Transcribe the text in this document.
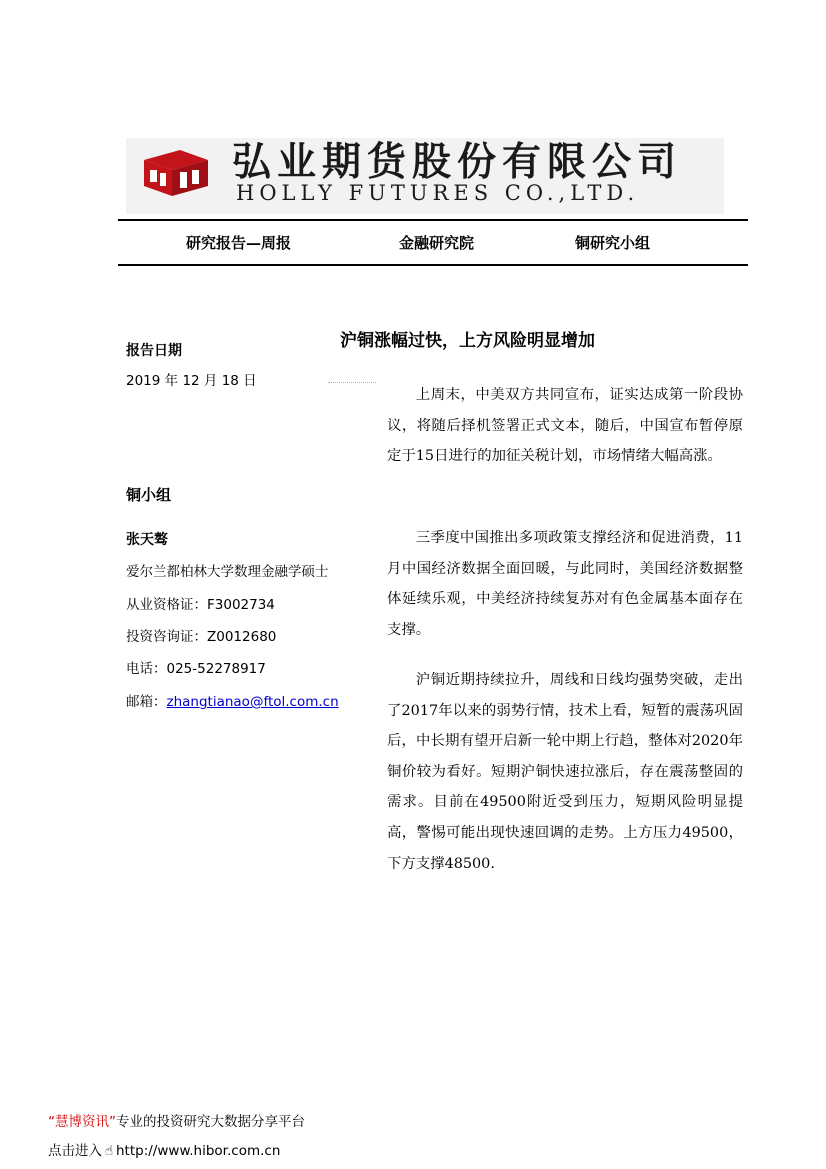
弘业期货股份有限公司
HOLLY FUTURES CO.,LTD.
研究报告—周报	金融研究院	铜研究小组
报告日期
2019 年 12 月 18 日
铜小组
张天骜
爱尔兰都柏林大学数理金融学硕士
从业资格证：F3002734
投资咨询证：Z0012680
电话：025-52278917
邮箱：zhangtianao@ftol.com.cn
沪铜涨幅过快，上方风险明显增加

上周末，中美双方共同宣布，证实达成第一阶段协议，将随后择机签署正式文本，随后，中国宣布暂停原定于15日进行的加征关税计划，市场情绪大幅高涨。

三季度中国推出多项政策支撑经济和促进消费，11月中国经济数据全面回暖，与此同时，美国经济数据整体延续乐观，中美经济持续复苏对有色金属基本面存在支撑。

沪铜近期持续拉升，周线和日线均强势突破，走出了2017年以来的弱势行情，技术上看，短暂的震荡巩固后，中长期有望开启新一轮中期上行趋，整体对2020年铜价较为看好。短期沪铜快速拉涨后，存在震荡整固的需求。目前在49500附近受到压力，短期风险明显提高，警惕可能出现快速回调的走势。上方压力49500，下方支撑48500.

“慧博资讯”专业的投资研究大数据分享平台
点击进入 ☝ http://www.hibor.com.cn
